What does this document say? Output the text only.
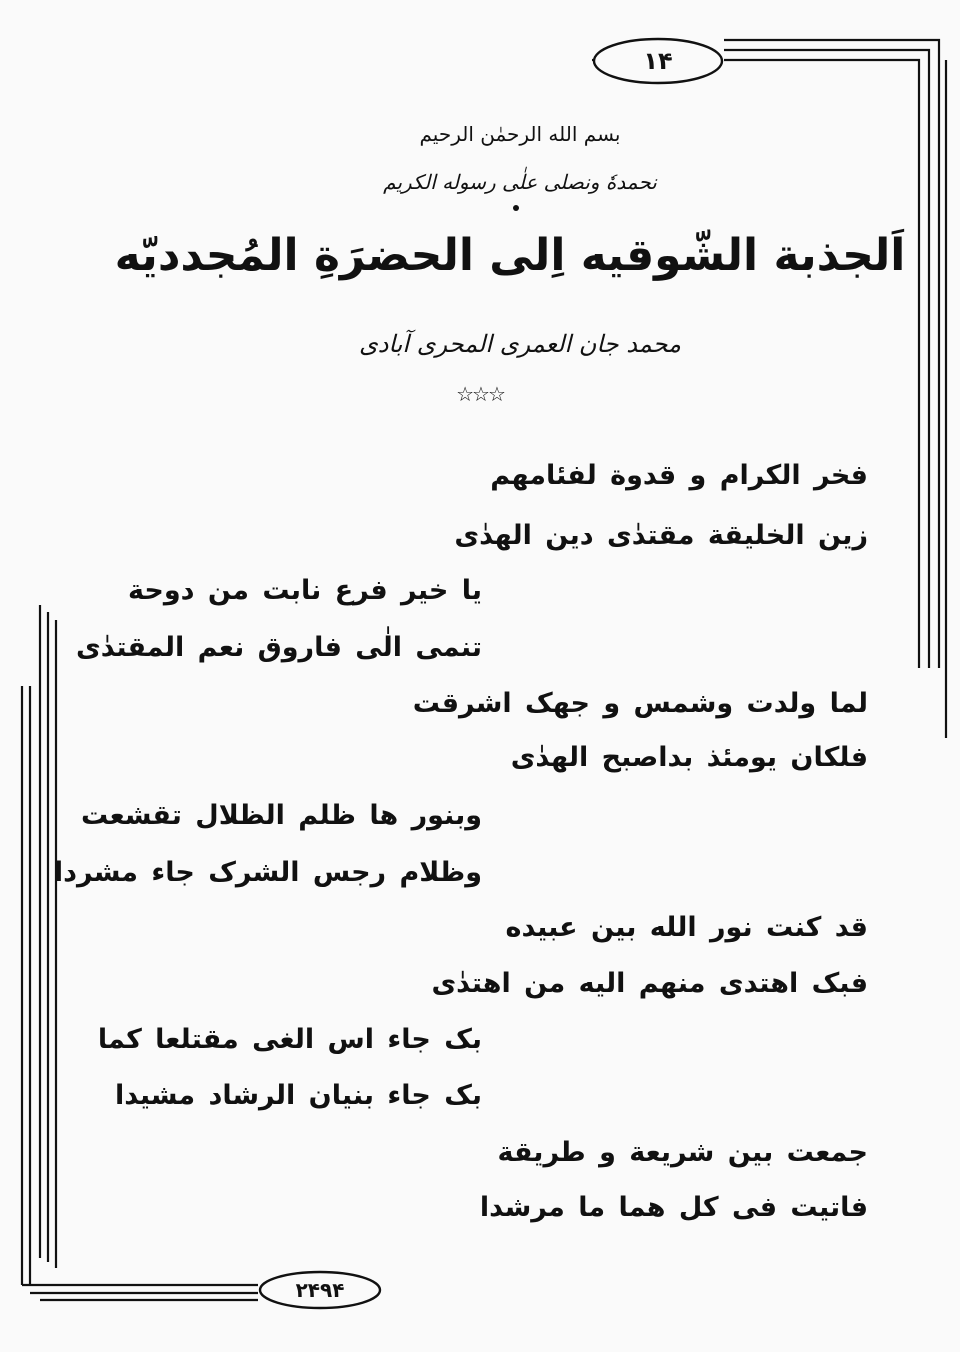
۱۴
۲۴۹۴
بسم الله الرحمٰن الرحيم
نحمدهٗ ونصلی علٰی رسوله الکريم
اَلجذبة الشّوقيه اِلی الحضرَةِ المُجدديّه
محمد جان العمری المحری آبادی
☆☆☆
فخر الكرام و قدوة لفئامهم
زين الخليقة مقتدٰی دين الهدٰی
يا خير فرع نابت من دوحة
تنمی الٰی فاروق نعم المقتدٰی
لما ولدت وشمس و جهک اشرقت
فلکان يومئذ بداصبح الهدٰی
وبنور ها ظلم الظلال تقشعت
وظلام رجس الشرک جاء مشردا
قد کنت نور الله بين عبيده
فبک اهتدی منهم اليه من اهتدٰی
بک جاء اس الغی مقتلعا کما
بک جاء بنيان الرشاد مشيدا
جمعت بين شريعة و طريقة
فاتيت فی کل هما ما مرشدا
